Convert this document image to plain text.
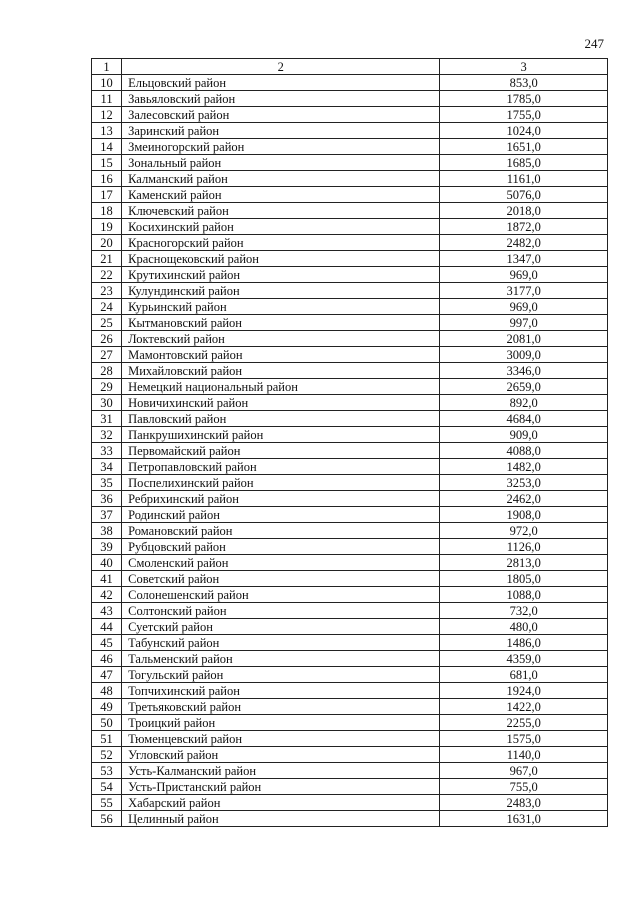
247
1	2	3
10	Ельцовский район	853,0
11	Завьяловский район	1785,0
12	Залесовский район	1755,0
13	Заринский район	1024,0
14	Змеиногорский район	1651,0
15	Зональный район	1685,0
16	Калманский район	1161,0
17	Каменский район	5076,0
18	Ключевский район	2018,0
19	Косихинский район	1872,0
20	Красногорский район	2482,0
21	Краснощековский район	1347,0
22	Крутихинский район	969,0
23	Кулундинский район	3177,0
24	Курьинский район	969,0
25	Кытмановский район	997,0
26	Локтевский район	2081,0
27	Мамонтовский район	3009,0
28	Михайловский район	3346,0
29	Немецкий национальный район	2659,0
30	Новичихинский район	892,0
31	Павловский район	4684,0
32	Панкрушихинский район	909,0
33	Первомайский район	4088,0
34	Петропавловский район	1482,0
35	Поспелихинский район	3253,0
36	Ребрихинский район	2462,0
37	Родинский район	1908,0
38	Романовский район	972,0
39	Рубцовский район	1126,0
40	Смоленский район	2813,0
41	Советский район	1805,0
42	Солонешенский район	1088,0
43	Солтонский район	732,0
44	Суетский район	480,0
45	Табунский район	1486,0
46	Тальменский район	4359,0
47	Тогульский район	681,0
48	Топчихинский район	1924,0
49	Третьяковский район	1422,0
50	Троицкий район	2255,0
51	Тюменцевский район	1575,0
52	Угловский район	1140,0
53	Усть-Калманский район	967,0
54	Усть-Пристанский район	755,0
55	Хабарский район	2483,0
56	Целинный район	1631,0
